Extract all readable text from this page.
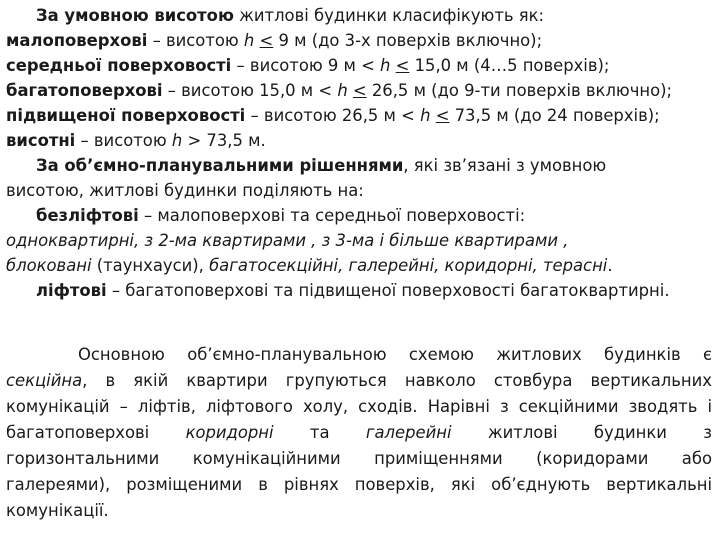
За умовною висотою житлові будинки класифікують як:
малоповерхові – висотою h ≤ 9 м (до 3-х поверхів включно);
середньої поверховості – висотою 9 м < h ≤ 15,0 м (4…5 поверхів);
багатоповерхові – висотою 15,0 м < h ≤ 26,5 м (до 9-ти поверхів включно);
підвищеної поверховості – висотою 26,5 м < h ≤ 73,5 м (до 24 поверхів);
висотні – висотою h > 73,5 м.
За об’ємно-планувальними рішеннями, які зв’язані з умовною
висотою, житлові будинки поділяють на:
безліфтові – малоповерхові та середньої поверховості:
одноквартирні, з 2-ма квартирами , з 3-ма і більше квартирами ,
блоковані (таунхауси), багатосекційні, галерейні, коридорні, терасні.
ліфтові – багатоповерхові та підвищеної поверховості багатоквартирні.
Основною об’ємно-планувальною схемою житлових будинків є
секційна, в якій квартири групуються навколо стовбура вертикальних
комунікацій – ліфтів, ліфтового холу, сходів. Нарівні з секційними зводять і
багатоповерхові коридорні та галерейні житлові будинки з
горизонтальними комунікаційними приміщеннями (коридорами або
галереями), розміщеними в рівнях поверхів, які об’єднують вертикальні
комунікації.
